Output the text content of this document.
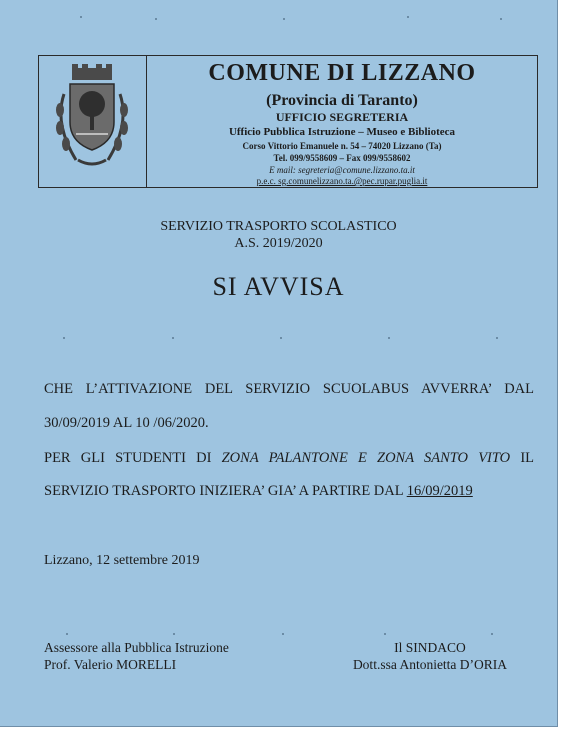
COMUNE DI LIZZANO
(Provincia di Taranto)
UFFICIO SEGRETERIA
Ufficio Pubblica Istruzione – Museo e Biblioteca
Corso Vittorio Emanuele n. 54 – 74020 Lizzano (Ta)
Tel. 099/9558609 – Fax 099/9558602
E mail: segreteria@comune.lizzano.ta.it
p.e.c. sg.comunelizzano.ta.@pec.rupar.puglia.it
SERVIZIO TRASPORTO SCOLASTICO
A.S. 2019/2020
SI AVVISA
CHE L’ATTIVAZIONE DEL SERVIZIO SCUOLABUS AVVERRA’ DAL
30/09/2019 AL 10 /06/2020.
PER GLI STUDENTI DI ZONA PALANTONE E ZONA SANTO VITO IL
SERVIZIO TRASPORTO INIZIERA’ GIA’ A PARTIRE DAL 16/09/2019
Lizzano, 12 settembre 2019
Assessore alla Pubblica Istruzione
Prof. Valerio MORELLI
Il SINDACO
Dott.ssa Antonietta D’ORIA
